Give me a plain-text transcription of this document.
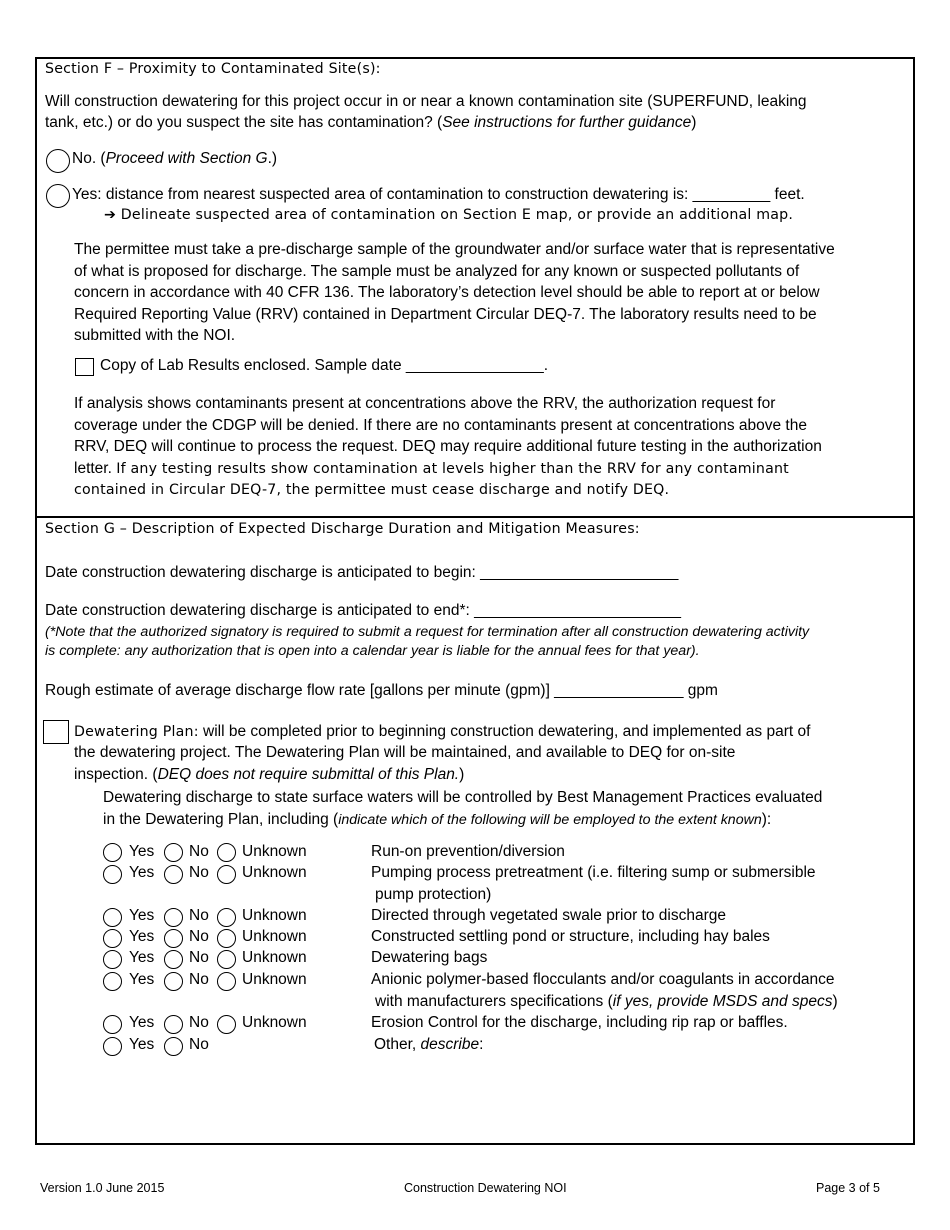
Section F – Proximity to Contaminated Site(s):
Will construction dewatering for this project occur in or near a known contamination site (SUPERFUND, leaking
tank, etc.) or do you suspect the site has contamination? (See instructions for further guidance)
No. (Proceed with Section G.)
Yes: distance from nearest suspected area of contamination to construction dewatering is: _________ feet.
➔ Delineate suspected area of contamination on Section E map, or provide an additional map.
The permittee must take a pre-discharge sample of the groundwater and/or surface water that is representative
of what is proposed for discharge. The sample must be analyzed for any known or suspected pollutants of
concern in accordance with 40 CFR 136. The laboratory’s detection level should be able to report at or below
Required Reporting Value (RRV) contained in Department Circular DEQ-7. The laboratory results need to be
submitted with the NOI.
Copy of Lab Results enclosed. Sample date ________________.
If analysis shows contaminants present at concentrations above the RRV, the authorization request for
coverage under the CDGP will be denied. If there are no contaminants present at concentrations above the
RRV, DEQ will continue to process the request. DEQ may require additional future testing in the authorization
letter. If any testing results show contamination at levels higher than the RRV for any contaminant
contained in Circular DEQ-7, the permittee must cease discharge and notify DEQ.
Section G – Description of Expected Discharge Duration and Mitigation Measures:
Date construction dewatering discharge is anticipated to begin: _______________________
Date construction dewatering discharge is anticipated to end*: ________________________
(*Note that the authorized signatory is required to submit a request for termination after all construction dewatering activity
is complete: any authorization that is open into a calendar year is liable for the annual fees for that year).
Rough estimate of average discharge flow rate [gallons per minute (gpm)] _______________ gpm
Dewatering Plan: will be completed prior to beginning construction dewatering, and implemented as part of
the dewatering project. The Dewatering Plan will be maintained, and available to DEQ for on-site
inspection. (DEQ does not require submittal of this Plan.)
Dewatering discharge to state surface waters will be controlled by Best Management Practices evaluated
in the Dewatering Plan, including (indicate which of the following will be employed to the extent known):
Yes No Unknown	Run-on prevention/diversion
Yes No Unknown	Pumping process pretreatment (i.e. filtering sump or submersible
pump protection)
Yes No Unknown	Directed through vegetated swale prior to discharge
Yes No Unknown	Constructed settling pond or structure, including hay bales
Yes No Unknown	Dewatering bags
Yes No Unknown	Anionic polymer-based flocculants and/or coagulants in accordance
with manufacturers specifications (if yes, provide MSDS and specs)
Yes No Unknown	Erosion Control for the discharge, including rip rap or baffles.
Yes No	Other, describe:
Version 1.0 June 2015	Construction Dewatering NOI	Page 3 of 5
